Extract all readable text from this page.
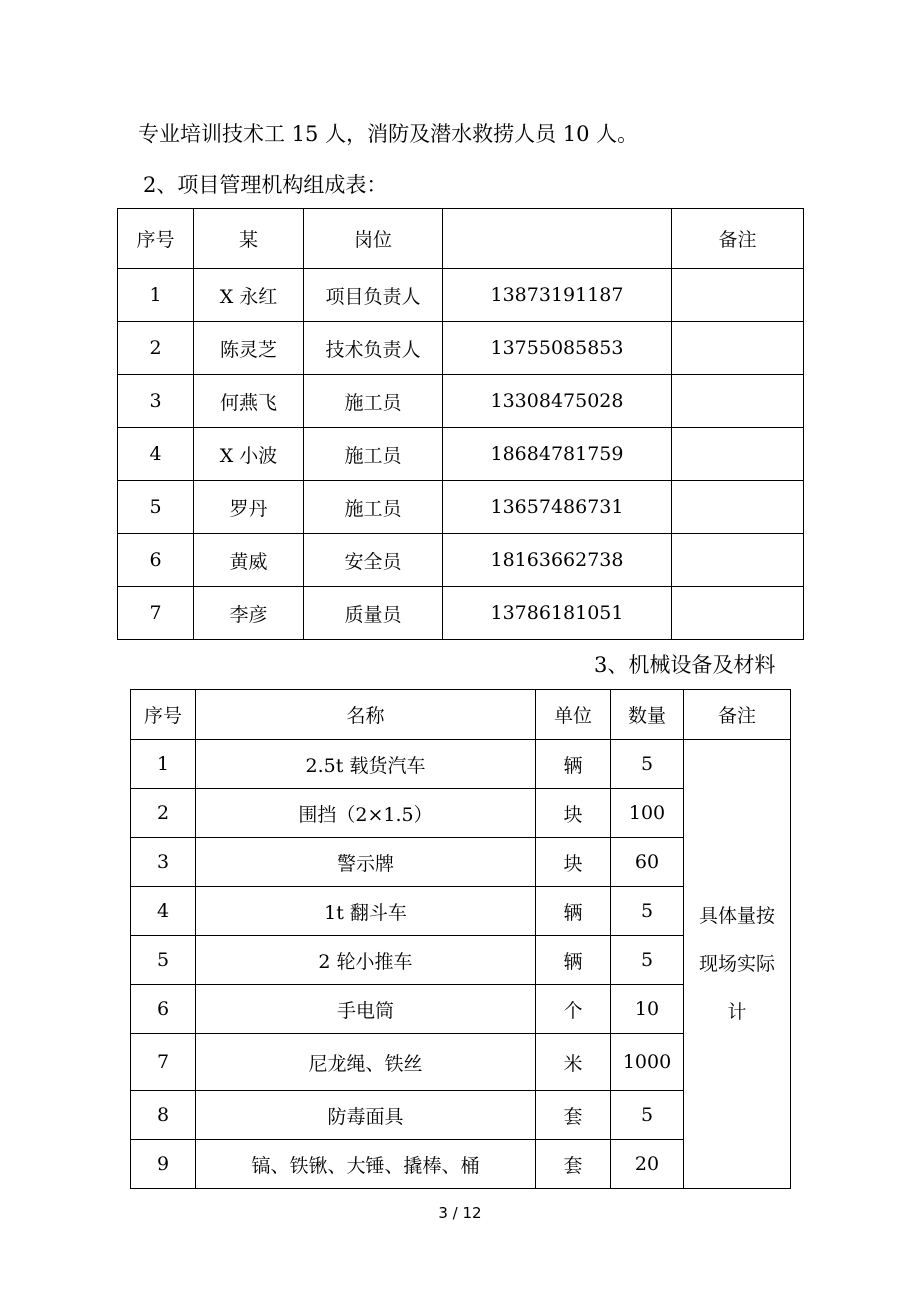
专业培训技术工 15 人，消防及潜水救捞人员 10 人。
2、项目管理机构组成表：
序号	某	岗位		备注
1	X 永红	项目负责人	13873191187	
2	陈灵芝	技术负责人	13755085853	
3	何燕飞	施工员	13308475028	
4	X 小波	施工员	18684781759	
5	罗丹	施工员	13657486731	
6	黄威	安全员	18163662738	
7	李彦	质量员	13786181051	
3、机械设备及材料
序号	名称	单位	数量	备注
1	2.5t 载货汽车	辆	5	具体量按
现场实际
计

2	围挡（2×1.5）	块	100	
3	警示牌	块	60	
4	1t 翻斗车	辆	5	
5	2 轮小推车	辆	5	
6	手电筒	个	10	
7	尼龙绳、铁丝	米	1000	
8	防毒面具	套	5	
9	镐、铁锹、大锤、撬棒、桶	套	20	
3 / 12
